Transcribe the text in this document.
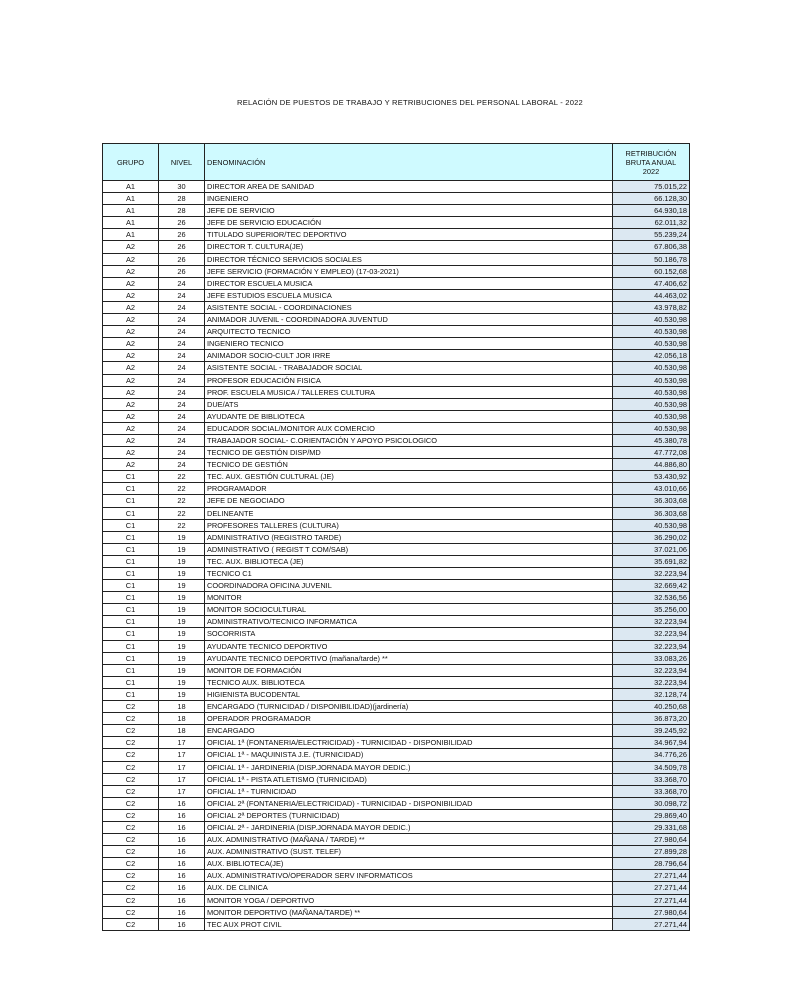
RELACIÓN DE PUESTOS DE TRABAJO Y RETRIBUCIONES DEL PERSONAL LABORAL - 2022
GRUPO	NIVEL	DENOMINACIÓN	RETRIBUCIÓN
BRUTA ANUAL
2022
A1	30	DIRECTOR AREA DE SANIDAD	75.015,22
A1	28	INGENIERO	66.128,30
A1	28	JEFE DE SERVICIO	64.930,18
A1	26	JEFE DE SERVICIO EDUCACIÓN	62.011,32
A1	26	TITULADO SUPERIOR/TEC DEPORTIVO	55.239,24
A2	26	DIRECTOR T. CULTURA(JE)	67.806,38
A2	26	DIRECTOR TÉCNICO SERVICIOS SOCIALES	50.186,78
A2	26	JEFE SERVICIO (FORMACIÓN Y EMPLEO) (17-03-2021)	60.152,68
A2	24	DIRECTOR ESCUELA MUSICA	47.406,62
A2	24	JEFE ESTUDIOS ESCUELA MUSICA	44.463,02
A2	24	ASISTENTE SOCIAL - COORDINACIONES	43.978,82
A2	24	ANIMADOR JUVENIL - COORDINADORA JUVENTUD	40.530,98
A2	24	ARQUITECTO TECNICO	40.530,98
A2	24	INGENIERO TECNICO	40.530,98
A2	24	ANIMADOR SOCIO-CULT JOR IRRE	42.056,18
A2	24	ASISTENTE SOCIAL - TRABAJADOR SOCIAL	40.530,98
A2	24	PROFESOR EDUCACIÓN FISICA	40.530,98
A2	24	PROF. ESCUELA MUSICA / TALLERES CULTURA	40.530,98
A2	24	DUE/ATS	40.530,98
A2	24	AYUDANTE DE BIBLIOTECA	40.530,98
A2	24	EDUCADOR SOCIAL/MONITOR AUX COMERCIO	40.530,98
A2	24	TRABAJADOR SOCIAL- C.ORIENTACIÓN Y APOYO PSICOLOGICO	45.380,78
A2	24	TECNICO DE GESTIÓN DISP/MD	47.772,08
A2	24	TECNICO DE GESTIÓN	44.886,80
C1	22	TEC. AUX. GESTIÓN CULTURAL (JE)	53.430,92
C1	22	PROGRAMADOR	43.010,66
C1	22	JEFE DE NEGOCIADO	36.303,68
C1	22	DELINEANTE	36.303,68
C1	22	PROFESORES TALLERES (CULTURA)	40.530,98
C1	19	ADMINISTRATIVO (REGISTRO TARDE)	36.290,02
C1	19	ADMINISTRATIVO ( REGIST T COM/SAB)	37.021,06
C1	19	TEC. AUX. BIBLIOTECA (JE)	35.691,82
C1	19	TECNICO C1	32.223,94
C1	19	COORDINADORA OFICINA JUVENIL	32.669,42
C1	19	MONITOR	32.536,56
C1	19	MONITOR SOCIOCULTURAL	35.256,00
C1	19	ADMINISTRATIVO/TECNICO INFORMATICA	32.223,94
C1	19	SOCORRISTA	32.223,94
C1	19	AYUDANTE TECNICO DEPORTIVO	32.223,94
C1	19	AYUDANTE TECNICO DEPORTIVO (mañana/tarde) **	33.083,26
C1	19	MONITOR DE FORMACIÓN	32.223,94
C1	19	TECNICO AUX. BIBLIOTECA	32.223,94
C1	19	HIGIENISTA BUCODENTAL	32.128,74
C2	18	ENCARGADO (TURNICIDAD / DISPONIBILIDAD)(jardinería)	40.250,68
C2	18	OPERADOR PROGRAMADOR	36.873,20
C2	18	ENCARGADO	39.245,92
C2	17	OFICIAL 1ª (FONTANERIA/ELECTRICIDAD) - TURNICIDAD - DISPONIBILIDAD	34.967,94
C2	17	OFICIAL 1ª - MAQUINISTA J.E. (TURNICIDAD)	34.776,26
C2	17	OFICIAL 1ª - JARDINERIA (DISP.JORNADA MAYOR DEDIC.)	34.509,78
C2	17	OFICIAL 1ª - PISTA ATLETISMO (TURNICIDAD)	33.368,70
C2	17	OFICIAL 1ª - TURNICIDAD	33.368,70
C2	16	OFICIAL 2ª (FONTANERIA/ELECTRICIDAD) - TURNICIDAD - DISPONIBILIDAD	30.098,72
C2	16	OFICIAL 2ª DEPORTES (TURNICIDAD)	29.869,40
C2	16	OFICIAL 2ª - JARDINERIA (DISP.JORNADA MAYOR DEDIC.)	29.331,68
C2	16	AUX. ADMINISTRATIVO (MAÑANA / TARDE) **	27.980,64
C2	16	AUX. ADMINISTRATIVO (SUST. TELEF)	27.899,28
C2	16	AUX. BIBLIOTECA(JE)	28.796,64
C2	16	AUX. ADMINISTRATIVO/OPERADOR SERV INFORMATICOS	27.271,44
C2	16	AUX. DE CLINICA	27.271,44
C2	16	MONITOR YOGA / DEPORTIVO	27.271,44
C2	16	MONITOR DEPORTIVO (MAÑANA/TARDE) **	27.980,64
C2	16	TEC AUX PROT CIVIL	27.271,44
